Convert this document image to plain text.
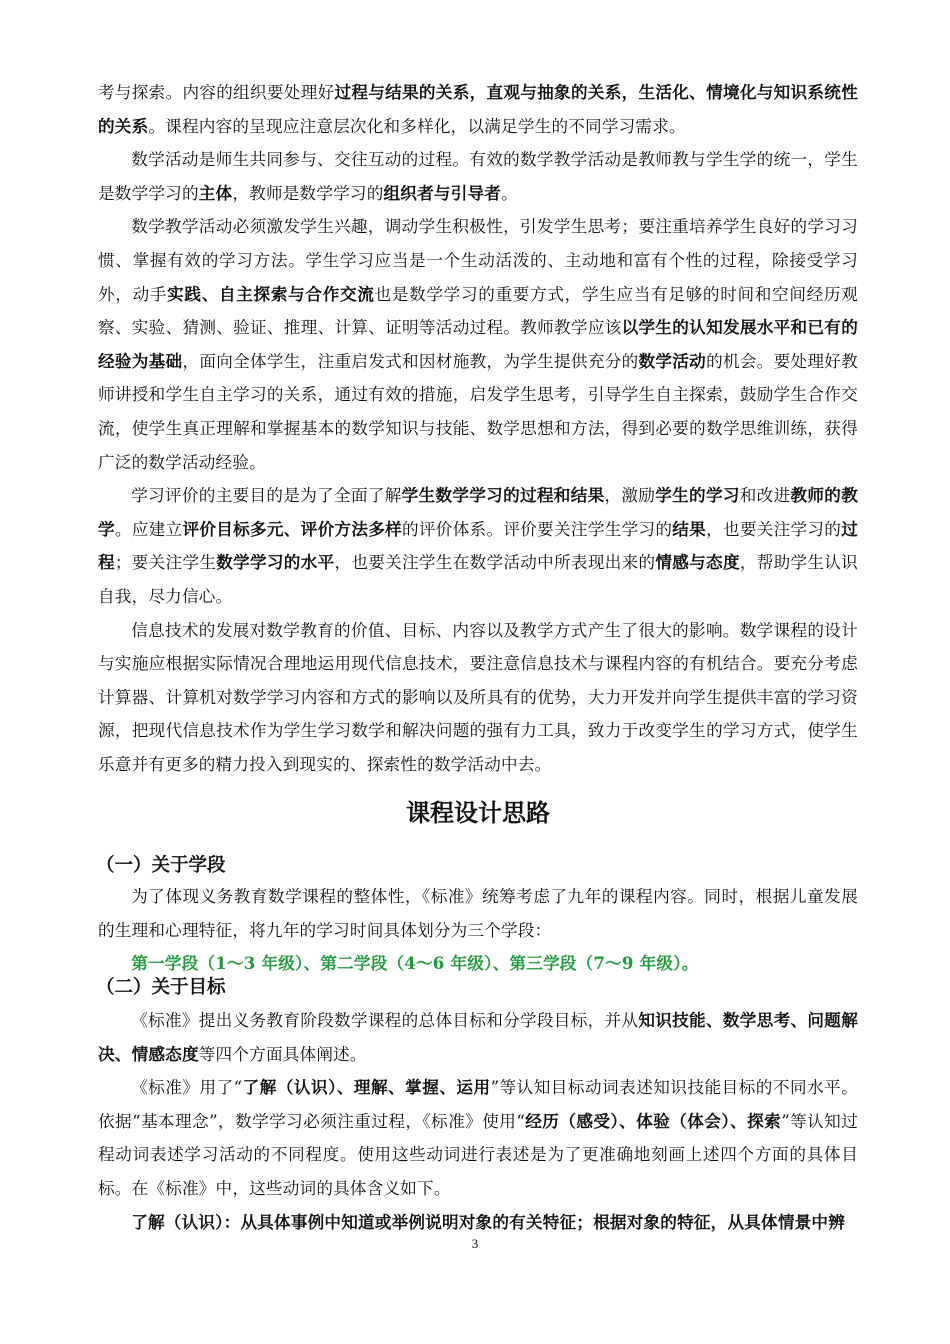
考与探索。内容的组织要处理好过程与结果的关系，直观与抽象的关系，生活化、情境化与知识系统性的关系。课程内容的呈现应注意层次化和多样化，以满足学生的不同学习需求。

数学活动是师生共同参与、交往互动的过程。有效的数学教学活动是教师教与学生学的统一，学生是数学学习的主体，教师是数学学习的组织者与引导者。

数学教学活动必须激发学生兴趣，调动学生积极性，引发学生思考；要注重培养学生良好的学习习惯、掌握有效的学习方法。学生学习应当是一个生动活泼的、主动地和富有个性的过程，除接受学习外，动手实践、自主探索与合作交流也是数学学习的重要方式，学生应当有足够的时间和空间经历观察、实验、猜测、验证、推理、计算、证明等活动过程。教师教学应该以学生的认知发展水平和已有的经验为基础，面向全体学生，注重启发式和因材施教，为学生提供充分的数学活动的机会。要处理好教师讲授和学生自主学习的关系，通过有效的措施，启发学生思考，引导学生自主探索，鼓励学生合作交流，使学生真正理解和掌握基本的数学知识与技能、数学思想和方法，得到必要的数学思维训练，获得广泛的数学活动经验。

学习评价的主要目的是为了全面了解学生数学学习的过程和结果，激励学生的学习和改进教师的教学。应建立评价目标多元、评价方法多样的评价体系。评价要关注学生学习的结果，也要关注学习的过程；要关注学生数学学习的水平，也要关注学生在数学活动中所表现出来的情感与态度，帮助学生认识自我，尽力信心。

信息技术的发展对数学教育的价值、目标、内容以及教学方式产生了很大的影响。数学课程的设计与实施应根据实际情况合理地运用现代信息技术，要注意信息技术与课程内容的有机结合。要充分考虑计算器、计算机对数学学习内容和方式的影响以及所具有的优势，大力开发并向学生提供丰富的学习资源，把现代信息技术作为学生学习数学和解决问题的强有力工具，致力于改变学生的学习方式，使学生乐意并有更多的精力投入到现实的、探索性的数学活动中去。

课程设计思路
（一）关于学段

为了体现义务教育数学课程的整体性，《标准》统筹考虑了九年的课程内容。同时，根据儿童发展的生理和心理特征，将九年的学习时间具体划分为三个学段：

第一学段（1～3 年级）、第二学段（4～6 年级）、第三学段（7～9 年级）。

（二）关于目标

《标准》提出义务教育阶段数学课程的总体目标和分学段目标，并从知识技能、数学思考、问题解决、情感态度等四个方面具体阐述。

《标准》用了“了解（认识）、理解、掌握、运用”等认知目标动词表述知识技能目标的不同水平。依据“基本理念”，数学学习必须注重过程，《标准》使用“经历（感受）、体验（体会）、探索”等认知过程动词表述学习活动的不同程度。使用这些动词进行表述是为了更准确地刻画上述四个方面的具体目标。在《标准》中，这些动词的具体含义如下。

了解（认识）：从具体事例中知道或举例说明对象的有关特征；根据对象的特征，从具体情景中辨

3
